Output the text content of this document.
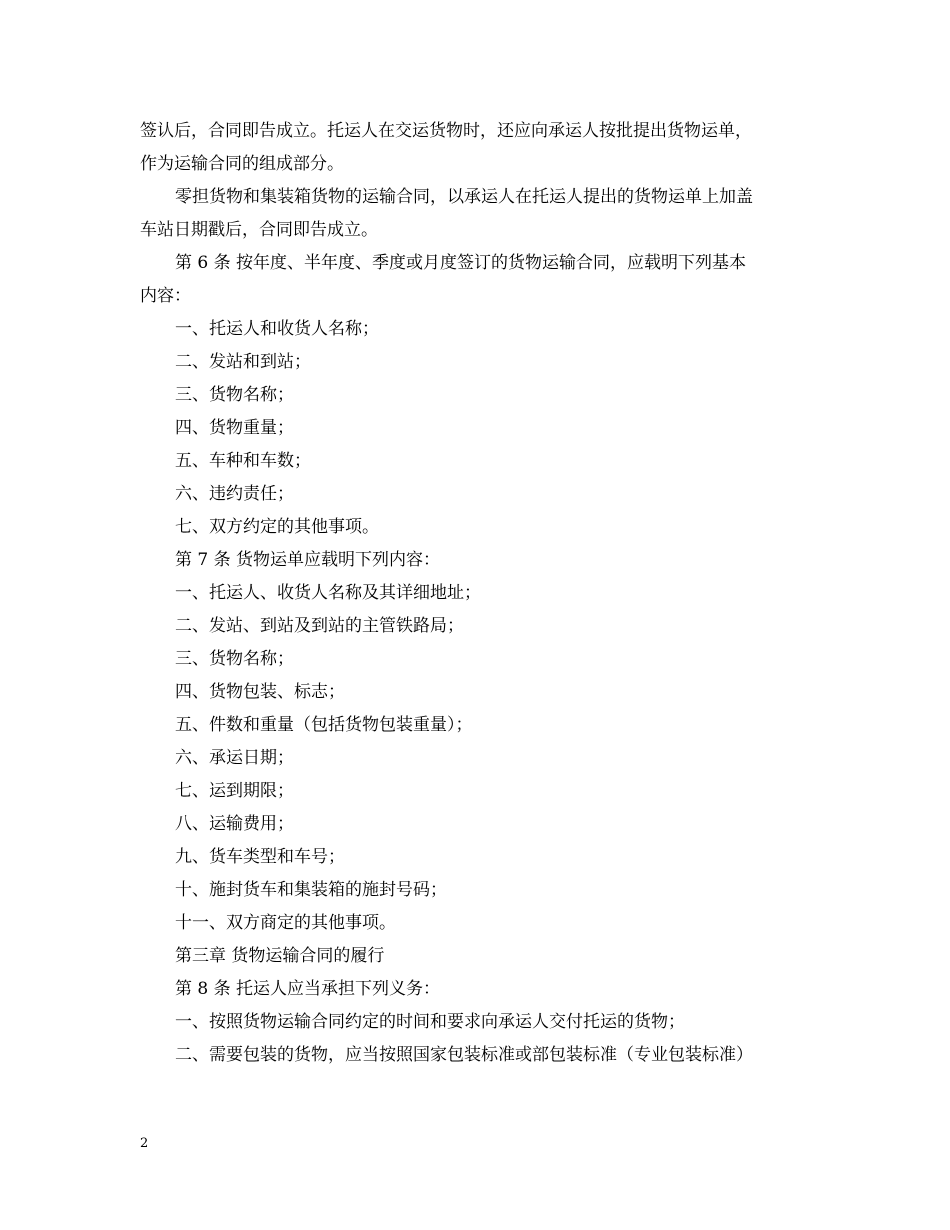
签认后，合同即告成立。托运人在交运货物时，还应向承运人按批提出货物运单，
作为运输合同的组成部分。
零担货物和集装箱货物的运输合同，以承运人在托运人提出的货物运单上加盖
车站日期戳后，合同即告成立。
第 6 条 按年度、半年度、季度或月度签订的货物运输合同，应载明下列基本
内容：
一、托运人和收货人名称；
二、发站和到站；
三、货物名称；
四、货物重量；
五、车种和车数；
六、违约责任；
七、双方约定的其他事项。
第 7 条 货物运单应载明下列内容：
一、托运人、收货人名称及其详细地址；
二、发站、到站及到站的主管铁路局；
三、货物名称；
四、货物包装、标志；
五、件数和重量（包括货物包装重量）；
六、承运日期；
七、运到期限；
八、运输费用；
九、货车类型和车号；
十、施封货车和集装箱的施封号码；
十一、双方商定的其他事项。
第三章 货物运输合同的履行
第 8 条 托运人应当承担下列义务：
一、按照货物运输合同约定的时间和要求向承运人交付托运的货物；
二、需要包装的货物，应当按照国家包装标准或部包装标准（专业包装标准）
2
